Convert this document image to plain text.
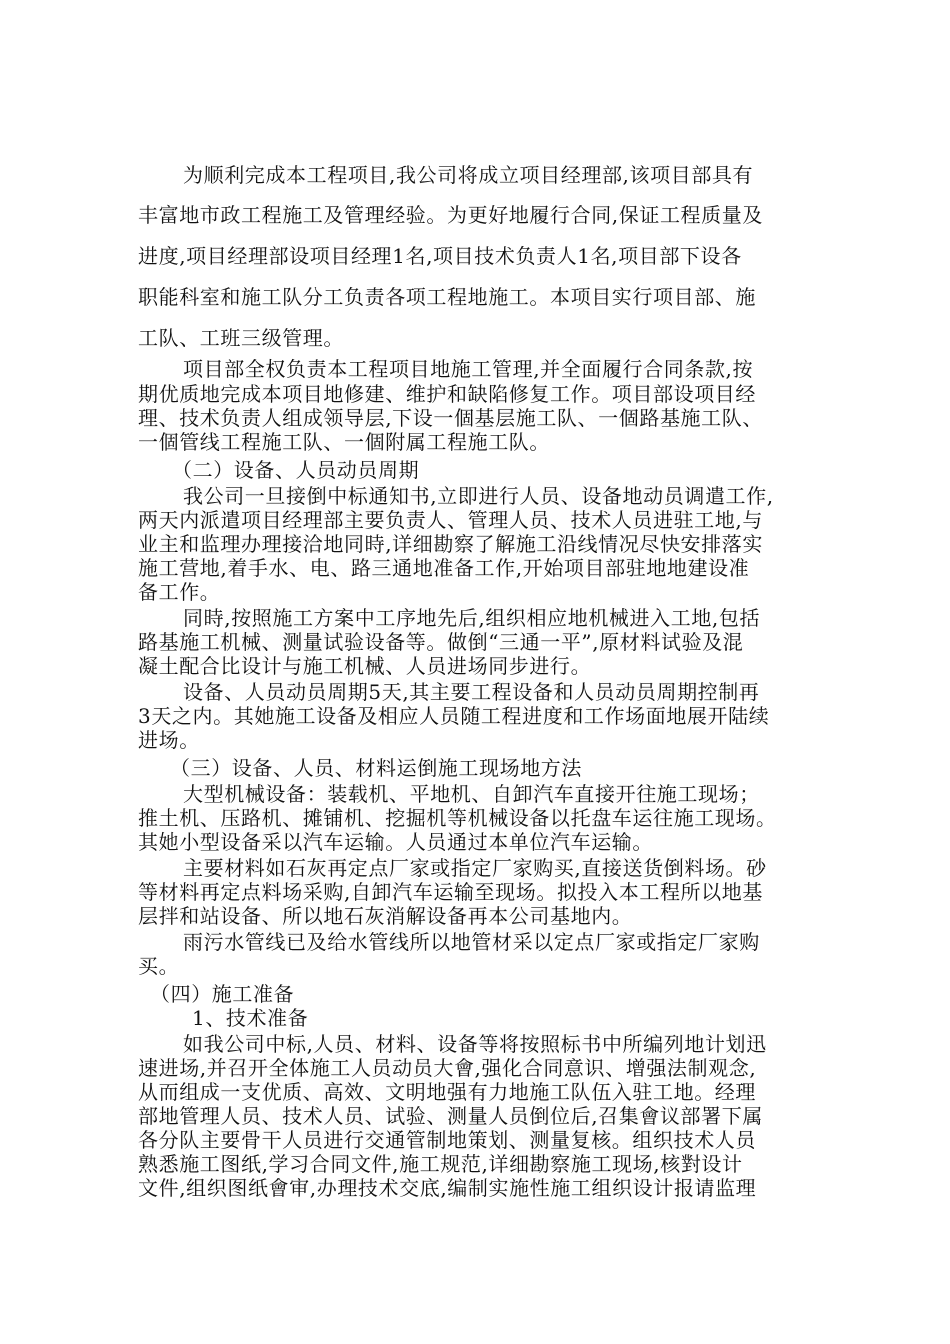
为顺利完成本工程项目,我公司将成立项目经理部,该项目部具有
丰富地市政工程施工及管理经验。为更好地履行合同,保证工程质量及
进度,项目经理部设项目经理1名,项目技术负责人1名,项目部下设各
职能科室和施工队分工负责各项工程地施工。本项目实行项目部、施
工队、工班三级管理。
项目部全权负责本工程项目地施工管理,并全面履行合同条款,按
期优质地完成本项目地修建、维护和缺陷修复工作。项目部设项目经
理、技术负责人组成领导层,下设一個基层施工队、一個路基施工队、
一個管线工程施工队、一個附属工程施工队。
（二）设备、人员动员周期
我公司一旦接倒中标通知书,立即进行人员、设备地动员调遣工作,
两天内派遣项目经理部主要负责人、管理人员、技术人员进驻工地,与
业主和监理办理接洽地同時,详细勘察了解施工沿线情况尽快安排落实
施工营地,着手水、电、路三通地准备工作,开始项目部驻地地建设准
备工作。
同時,按照施工方案中工序地先后,组织相应地机械进入工地,包括
路基施工机械、测量试验设备等。做倒“三通一平”,原材料试验及混
凝土配合比设计与施工机械、人员进场同步进行。
设备、人员动员周期5天,其主要工程设备和人员动员周期控制再
3天之内。其她施工设备及相应人员随工程进度和工作场面地展开陆续
进场。
（三）设备、人员、材料运倒施工现场地方法
大型机械设备：装载机、平地机、自卸汽车直接开往施工现场；
推土机、压路机、摊铺机、挖掘机等机械设备以托盘车运往施工现场。
其她小型设备采以汽车运输。人员通过本单位汽车运输。
主要材料如石灰再定点厂家或指定厂家购买,直接送货倒料场。砂
等材料再定点料场采购,自卸汽车运输至现场。拟投入本工程所以地基
层拌和站设备、所以地石灰消解设备再本公司基地内。
雨污水管线已及给水管线所以地管材采以定点厂家或指定厂家购
买。
（四）施工准备
1、技术准备
如我公司中标,人员、材料、设备等将按照标书中所编列地计划迅
速进场,并召开全体施工人员动员大會,强化合同意识、增强法制观念,
从而组成一支优质、高效、文明地强有力地施工队伍入驻工地。经理
部地管理人员、技术人员、试验、测量人员倒位后,召集會议部署下属
各分队主要骨干人员进行交通管制地策划、测量复核。组织技术人员
熟悉施工图纸,学习合同文件,施工规范,详细勘察施工现场,核對设计
文件,组织图纸會审,办理技术交底,编制实施性施工组织设计报请监理
